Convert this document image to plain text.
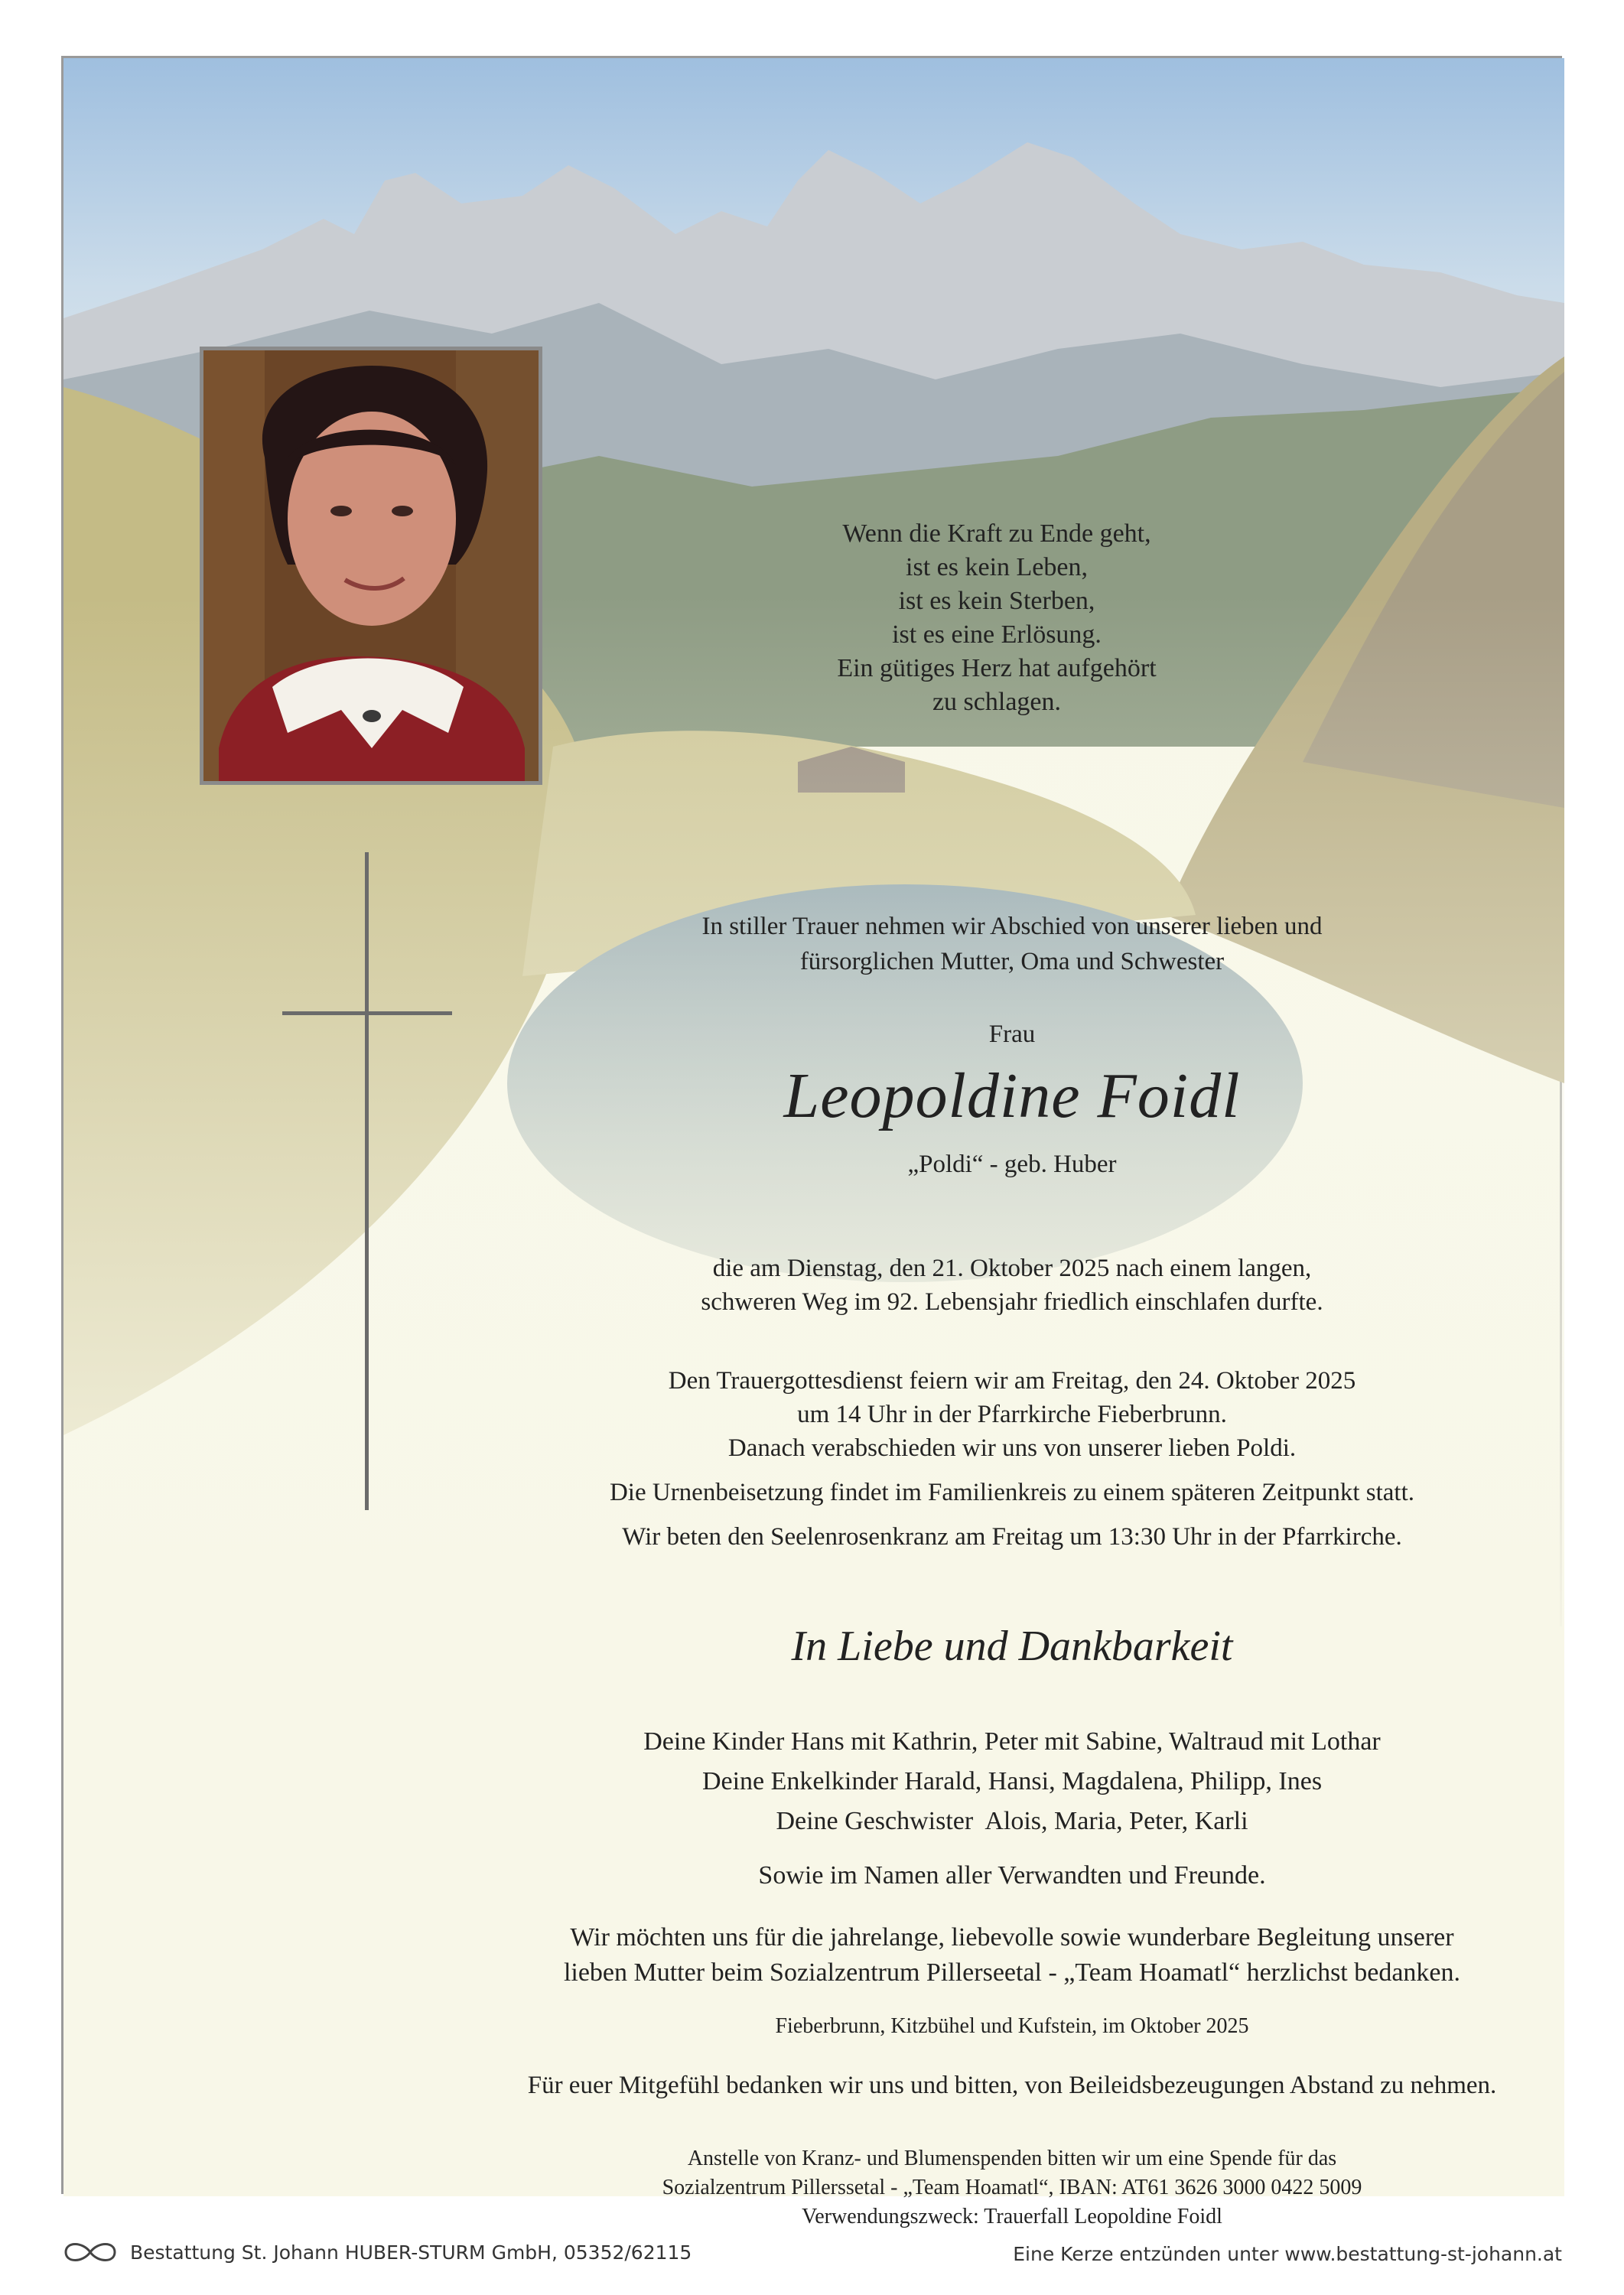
Wenn die Kraft zu Ende geht,
ist es kein Leben,
ist es kein Sterben,
ist es eine Erlösung.
Ein gütiges Herz hat aufgehört
zu schlagen.
In stiller Trauer nehmen wir Abschied von unserer lieben und
fürsorglichen Mutter, Oma und Schwester
Frau
Leopoldine Foidl
„Poldi“ - geb. Huber
die am Dienstag, den 21. Oktober 2025 nach einem langen,
schweren Weg im 92. Lebensjahr friedlich einschlafen durfte.
Den Trauergottesdienst feiern wir am Freitag, den 24. Oktober 2025
um 14 Uhr in der Pfarrkirche Fieberbrunn.
Danach verabschieden wir uns von unserer lieben Poldi.
Die Urnenbeisetzung findet im Familienkreis zu einem späteren Zeitpunkt statt.
Wir beten den Seelenrosenkranz am Freitag um 13:30 Uhr in der Pfarrkirche.
In Liebe und Dankbarkeit
Deine Kinder Hans mit Kathrin, Peter mit Sabine, Waltraud mit Lothar
Deine Enkelkinder Harald, Hansi, Magdalena, Philipp, Ines
Deine Geschwister  Alois, Maria, Peter, Karli
Sowie im Namen aller Verwandten und Freunde.
Wir möchten uns für die jahrelange, liebevolle sowie wunderbare Begleitung unserer
lieben Mutter beim Sozialzentrum Pillerseetal - „Team Hoamatl“ herzlichst bedanken.
Fieberbrunn, Kitzbühel und Kufstein, im Oktober 2025
Für euer Mitgefühl bedanken wir uns und bitten, von Beileidsbezeugungen Abstand zu nehmen.
Anstelle von Kranz- und Blumenspenden bitten wir um eine Spende für das
Sozialzentrum Pillerssetal - „Team Hoamatl“, IBAN: AT61 3626 3000 0422 5009
Verwendungszweck: Trauerfall Leopoldine Foidl
Bestattung St. Johann HUBER-STURM GmbH, 05352/62115	Eine Kerze entzünden unter www.bestattung-st-johann.at
